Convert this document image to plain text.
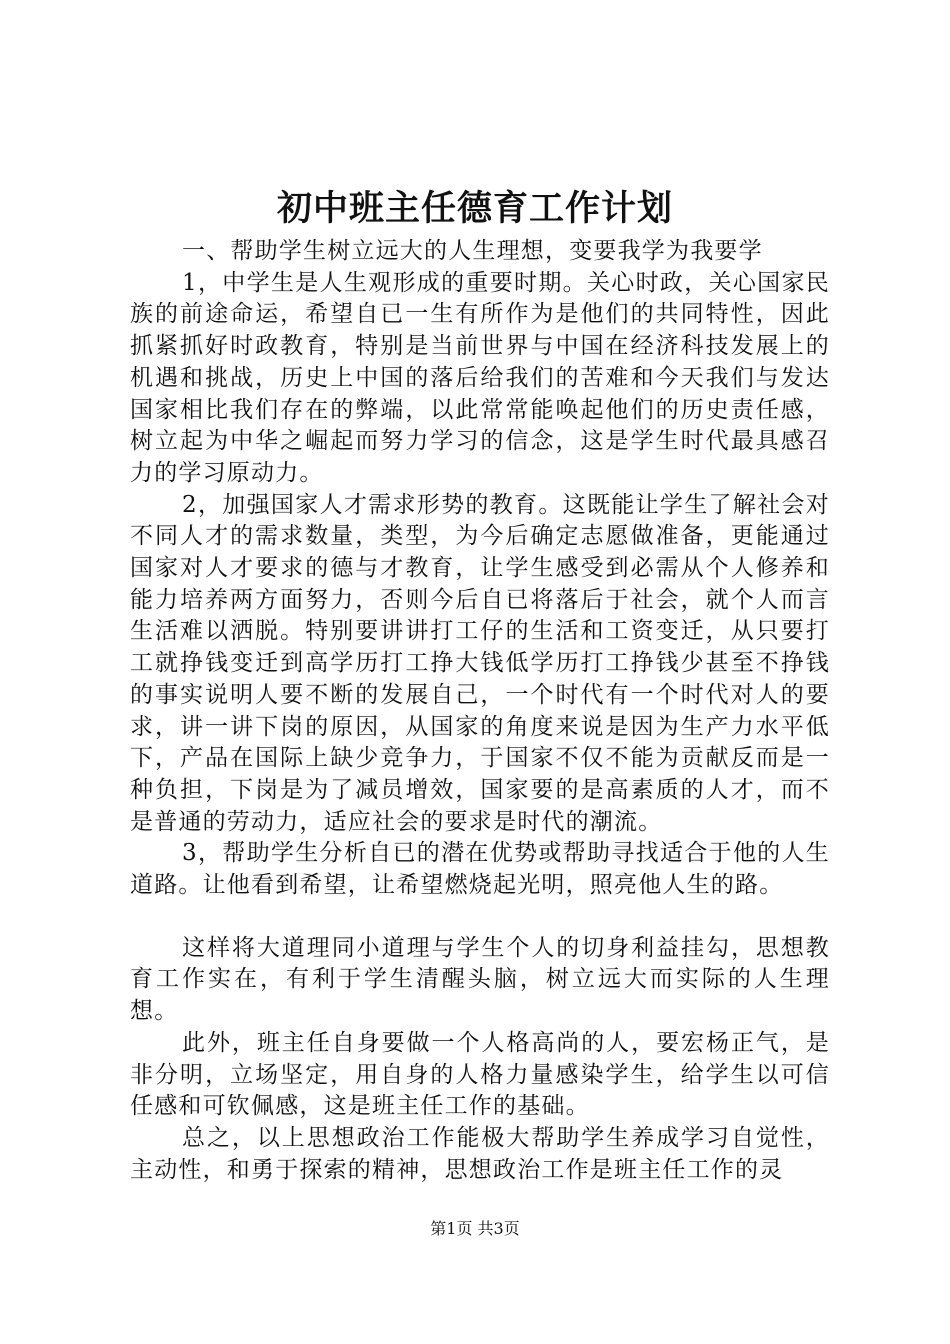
初中班主任德育工作计划

一、帮助学生树立远大的人生理想，变要我学为我要学

1，中学生是人生观形成的重要时期。关心时政，关心国家民族的前途命运，希望自已一生有所作为是他们的共同特性，因此抓紧抓好时政教育，特别是当前世界与中国在经济科技发展上的机遇和挑战，历史上中国的落后给我们的苦难和今天我们与发达国家相比我们存在的弊端，以此常常能唤起他们的历史责任感，树立起为中华之崛起而努力学习的信念，这是学生时代最具感召力的学习原动力。

2，加强国家人才需求形势的教育。这既能让学生了解社会对不同人才的需求数量，类型，为今后确定志愿做准备，更能通过国家对人才要求的德与才教育，让学生感受到必需从个人修养和能力培养两方面努力，否则今后自已将落后于社会，就个人而言生活难以洒脱。特别要讲讲打工仔的生活和工资变迁，从只要打工就挣钱变迁到高学历打工挣大钱低学历打工挣钱少甚至不挣钱的事实说明人要不断的发展自己，一个时代有一个时代对人的要求，讲一讲下岗的原因，从国家的角度来说是因为生产力水平低下，产品在国际上缺少竞争力，于国家不仅不能为贡献反而是一种负担，下岗是为了减员增效，国家要的是高素质的人才，而不是普通的劳动力，适应社会的要求是时代的潮流。

3，帮助学生分析自已的潜在优势或帮助寻找适合于他的人生道路。让他看到希望，让希望燃烧起光明，照亮他人生的路。

这样将大道理同小道理与学生个人的切身利益挂勾，思想教育工作实在，有利于学生清醒头脑，树立远大而实际的人生理想。

此外，班主任自身要做一个人格高尚的人，要宏杨正气，是非分明，立场坚定，用自身的人格力量感染学生，给学生以可信任感和可钦佩感，这是班主任工作的基础。

总之，以上思想政治工作能极大帮助学生养成学习自觉性，主动性，和勇于探索的精神，思想政治工作是班主任工作的灵

第1页 共3页
